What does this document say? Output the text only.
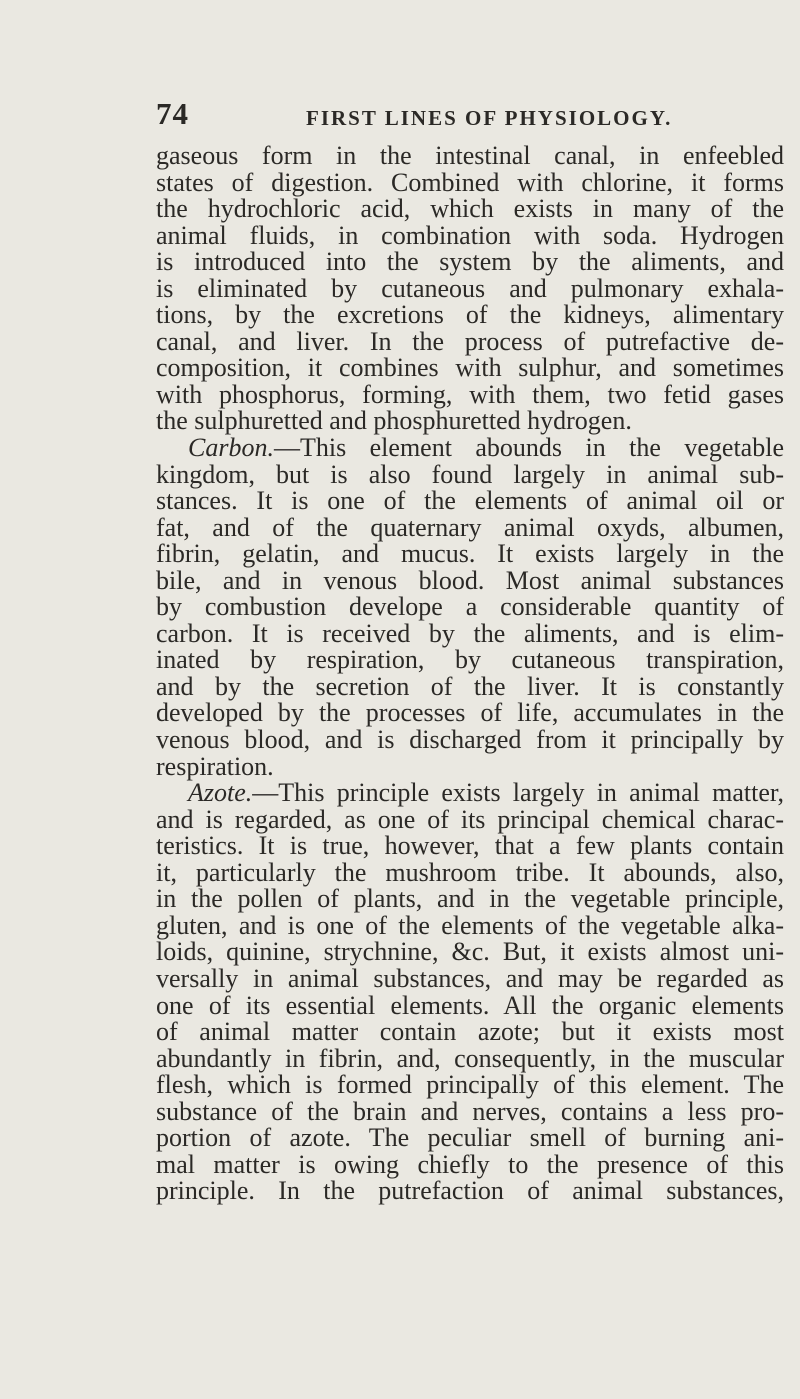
74	FIRST LINES OF PHYSIOLOGY.
gaseous form in the intestinal canal, in enfeebled
states of digestion. Combined with chlorine, it forms
the hydrochloric acid, which exists in many of the
animal fluids, in combination with soda. Hydrogen
is introduced into the system by the aliments, and
is eliminated by cutaneous and pulmonary exhala-
tions, by the excretions of the kidneys, alimentary
canal, and liver. In the process of putrefactive de-
composition, it combines with sulphur, and sometimes
with phosphorus, forming, with them, two fetid gases
the sulphuretted and phosphuretted hydrogen.
Carbon.—This element abounds in the vegetable
kingdom, but is also found largely in animal sub-
stances. It is one of the elements of animal oil or
fat, and of the quaternary animal oxyds, albumen,
fibrin, gelatin, and mucus. It exists largely in the
bile, and in venous blood. Most animal substances
by combustion develope a considerable quantity of
carbon. It is received by the aliments, and is elim-
inated by respiration, by cutaneous transpiration,
and by the secretion of the liver. It is constantly
developed by the processes of life, accumulates in the
venous blood, and is discharged from it principally by
respiration.
Azote.—This principle exists largely in animal matter,
and is regarded, as one of its principal chemical charac-
teristics. It is true, however, that a few plants contain
it, particularly the mushroom tribe. It abounds, also,
in the pollen of plants, and in the vegetable principle,
gluten, and is one of the elements of the vegetable alka-
loids, quinine, strychnine, &c. But, it exists almost uni-
versally in animal substances, and may be regarded as
one of its essential elements. All the organic elements
of animal matter contain azote; but it exists most
abundantly in fibrin, and, consequently, in the muscular
flesh, which is formed principally of this element. The
substance of the brain and nerves, contains a less pro-
portion of azote. The peculiar smell of burning ani-
mal matter is owing chiefly to the presence of this
principle. In the putrefaction of animal substances,
